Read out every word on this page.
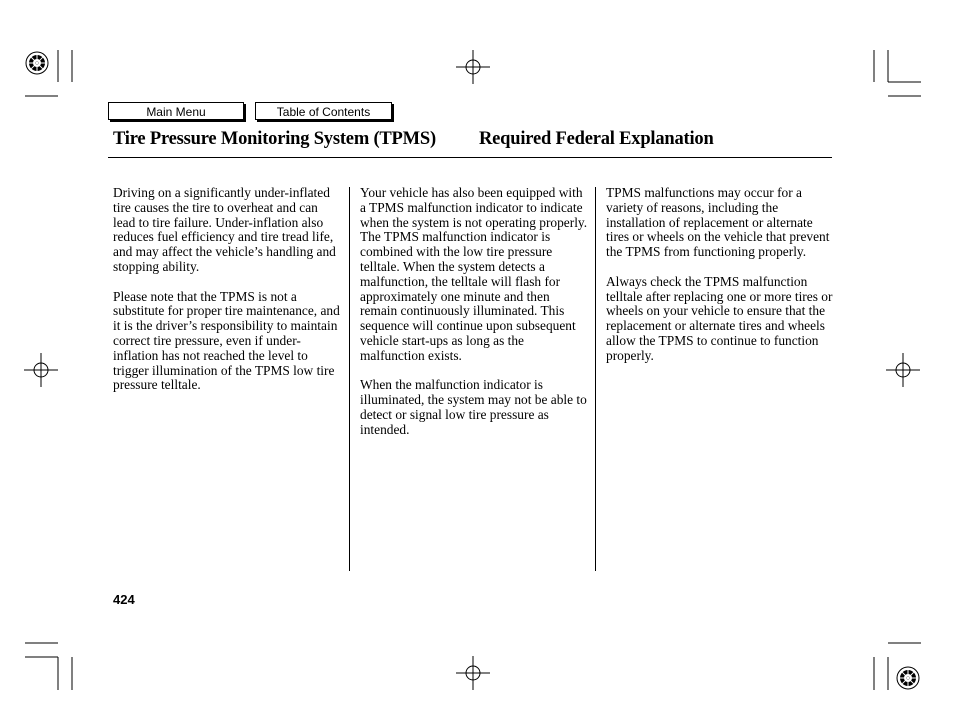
Main Menu	Table of Contents
Tire Pressure Monitoring System (TPMS) Required Federal Explanation

Driving on a significantly under-inflated tire causes the tire to overheat and can lead to tire failure. Under-inflation also reduces fuel efficiency and tire tread life, and may affect the vehicle’s handling and stopping ability.

Please note that the TPMS is not a substitute for proper tire maintenance, and it is the driver’s responsibility to maintain correct tire pressure, even if under-inflation has not reached the level to trigger illumination of the TPMS low tire pressure telltale.

Your vehicle has also been equipped with a TPMS malfunction indicator to indicate when the system is not operating properly. The TPMS malfunction indicator is combined with the low tire pressure telltale. When the system detects a malfunction, the telltale will flash for approximately one minute and then remain continuously illuminated. This sequence will continue upon subsequent vehicle start-ups as long as the malfunction exists.

When the malfunction indicator is illuminated, the system may not be able to detect or signal low tire pressure as intended.

TPMS malfunctions may occur for a variety of reasons, including the installation of replacement or alternate tires or wheels on the vehicle that prevent the TPMS from functioning properly.

Always check the TPMS malfunction telltale after replacing one or more tires or wheels on your vehicle to ensure that the replacement or alternate tires and wheels allow the TPMS to continue to function properly.

424
